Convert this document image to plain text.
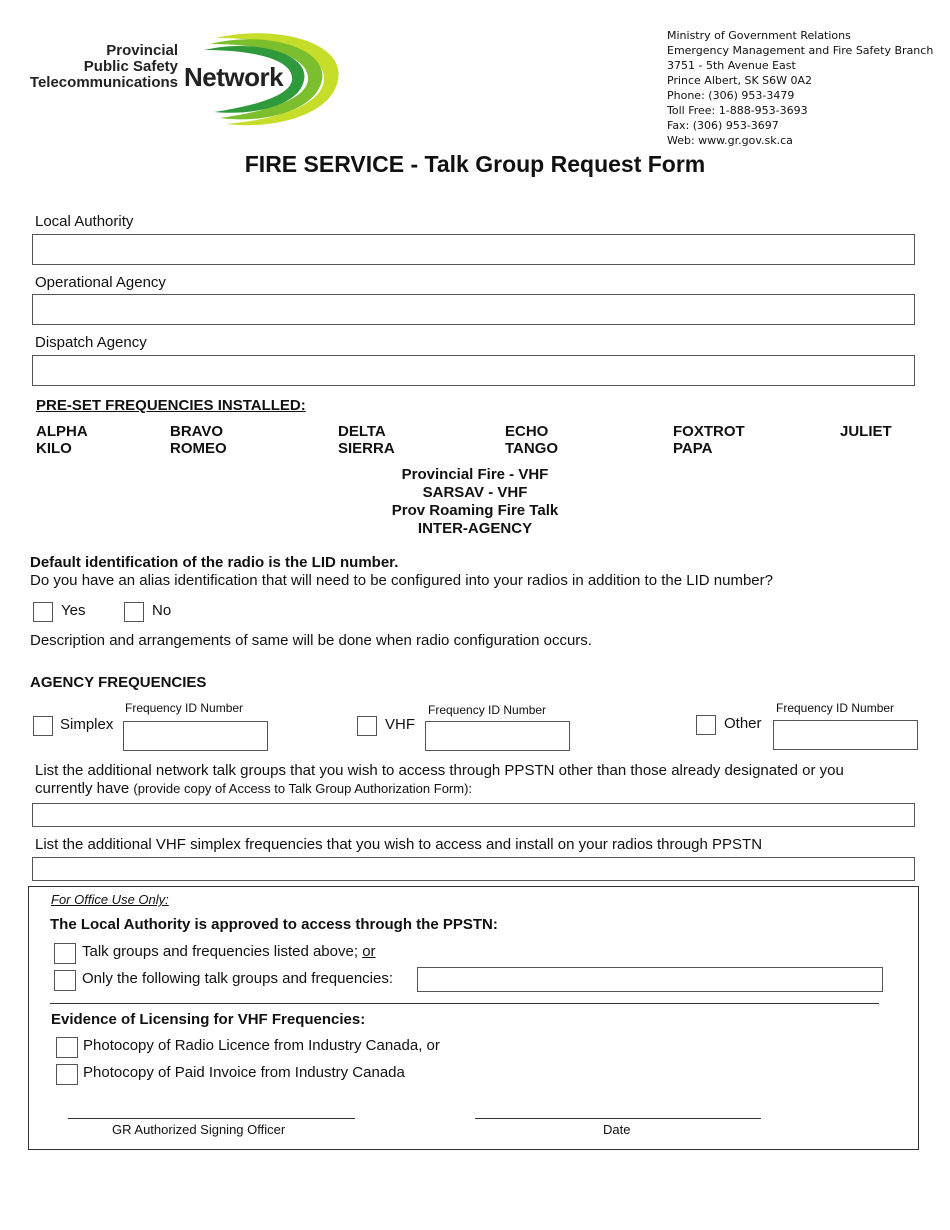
Provincial
Public Safety
Telecommunications Network
Ministry of Government Relations
Emergency Management and Fire Safety Branch
3751 - 5th Avenue East
Prince Albert, SK S6W 0A2
Phone: (306) 953-3479
Toll Free: 1-888-953-3693
Fax: (306) 953-3697
Web: www.gr.gov.sk.ca
FIRE SERVICE - Talk Group Request Form
Local Authority
Operational Agency
Dispatch Agency
PRE-SET FREQUENCIES INSTALLED:
ALPHA	BRAVO	DELTA	ECHO	FOXTROT	JULIET
KILO	ROMEO	SIERRA	TANGO	PAPA
Provincial Fire - VHF
SARSAV - VHF
Prov Roaming Fire Talk
INTER-AGENCY
Default identification of the radio is the LID number.
Do you have an alias identification that will need to be configured into your radios in addition to the LID number?
Yes	No
Description and arrangements of same will be done when radio configuration occurs.
AGENCY FREQUENCIES
Simplex
Frequency ID Number
VHF
Frequency ID Number
Other
Frequency ID Number
List the additional network talk groups that you wish to access through PPSTN other than those already designated or you
currently have (provide copy of Access to Talk Group Authorization Form):
List the additional VHF simplex frequencies that you wish to access and install on your radios through PPSTN
For Office Use Only:
The Local Authority is approved to access through the PPSTN:
Talk groups and frequencies listed above; or
Only the following talk groups and frequencies:
Evidence of Licensing for VHF Frequencies:
Photocopy of Radio Licence from Industry Canada, or
Photocopy of Paid Invoice from Industry Canada
GR Authorized Signing Officer	Date
